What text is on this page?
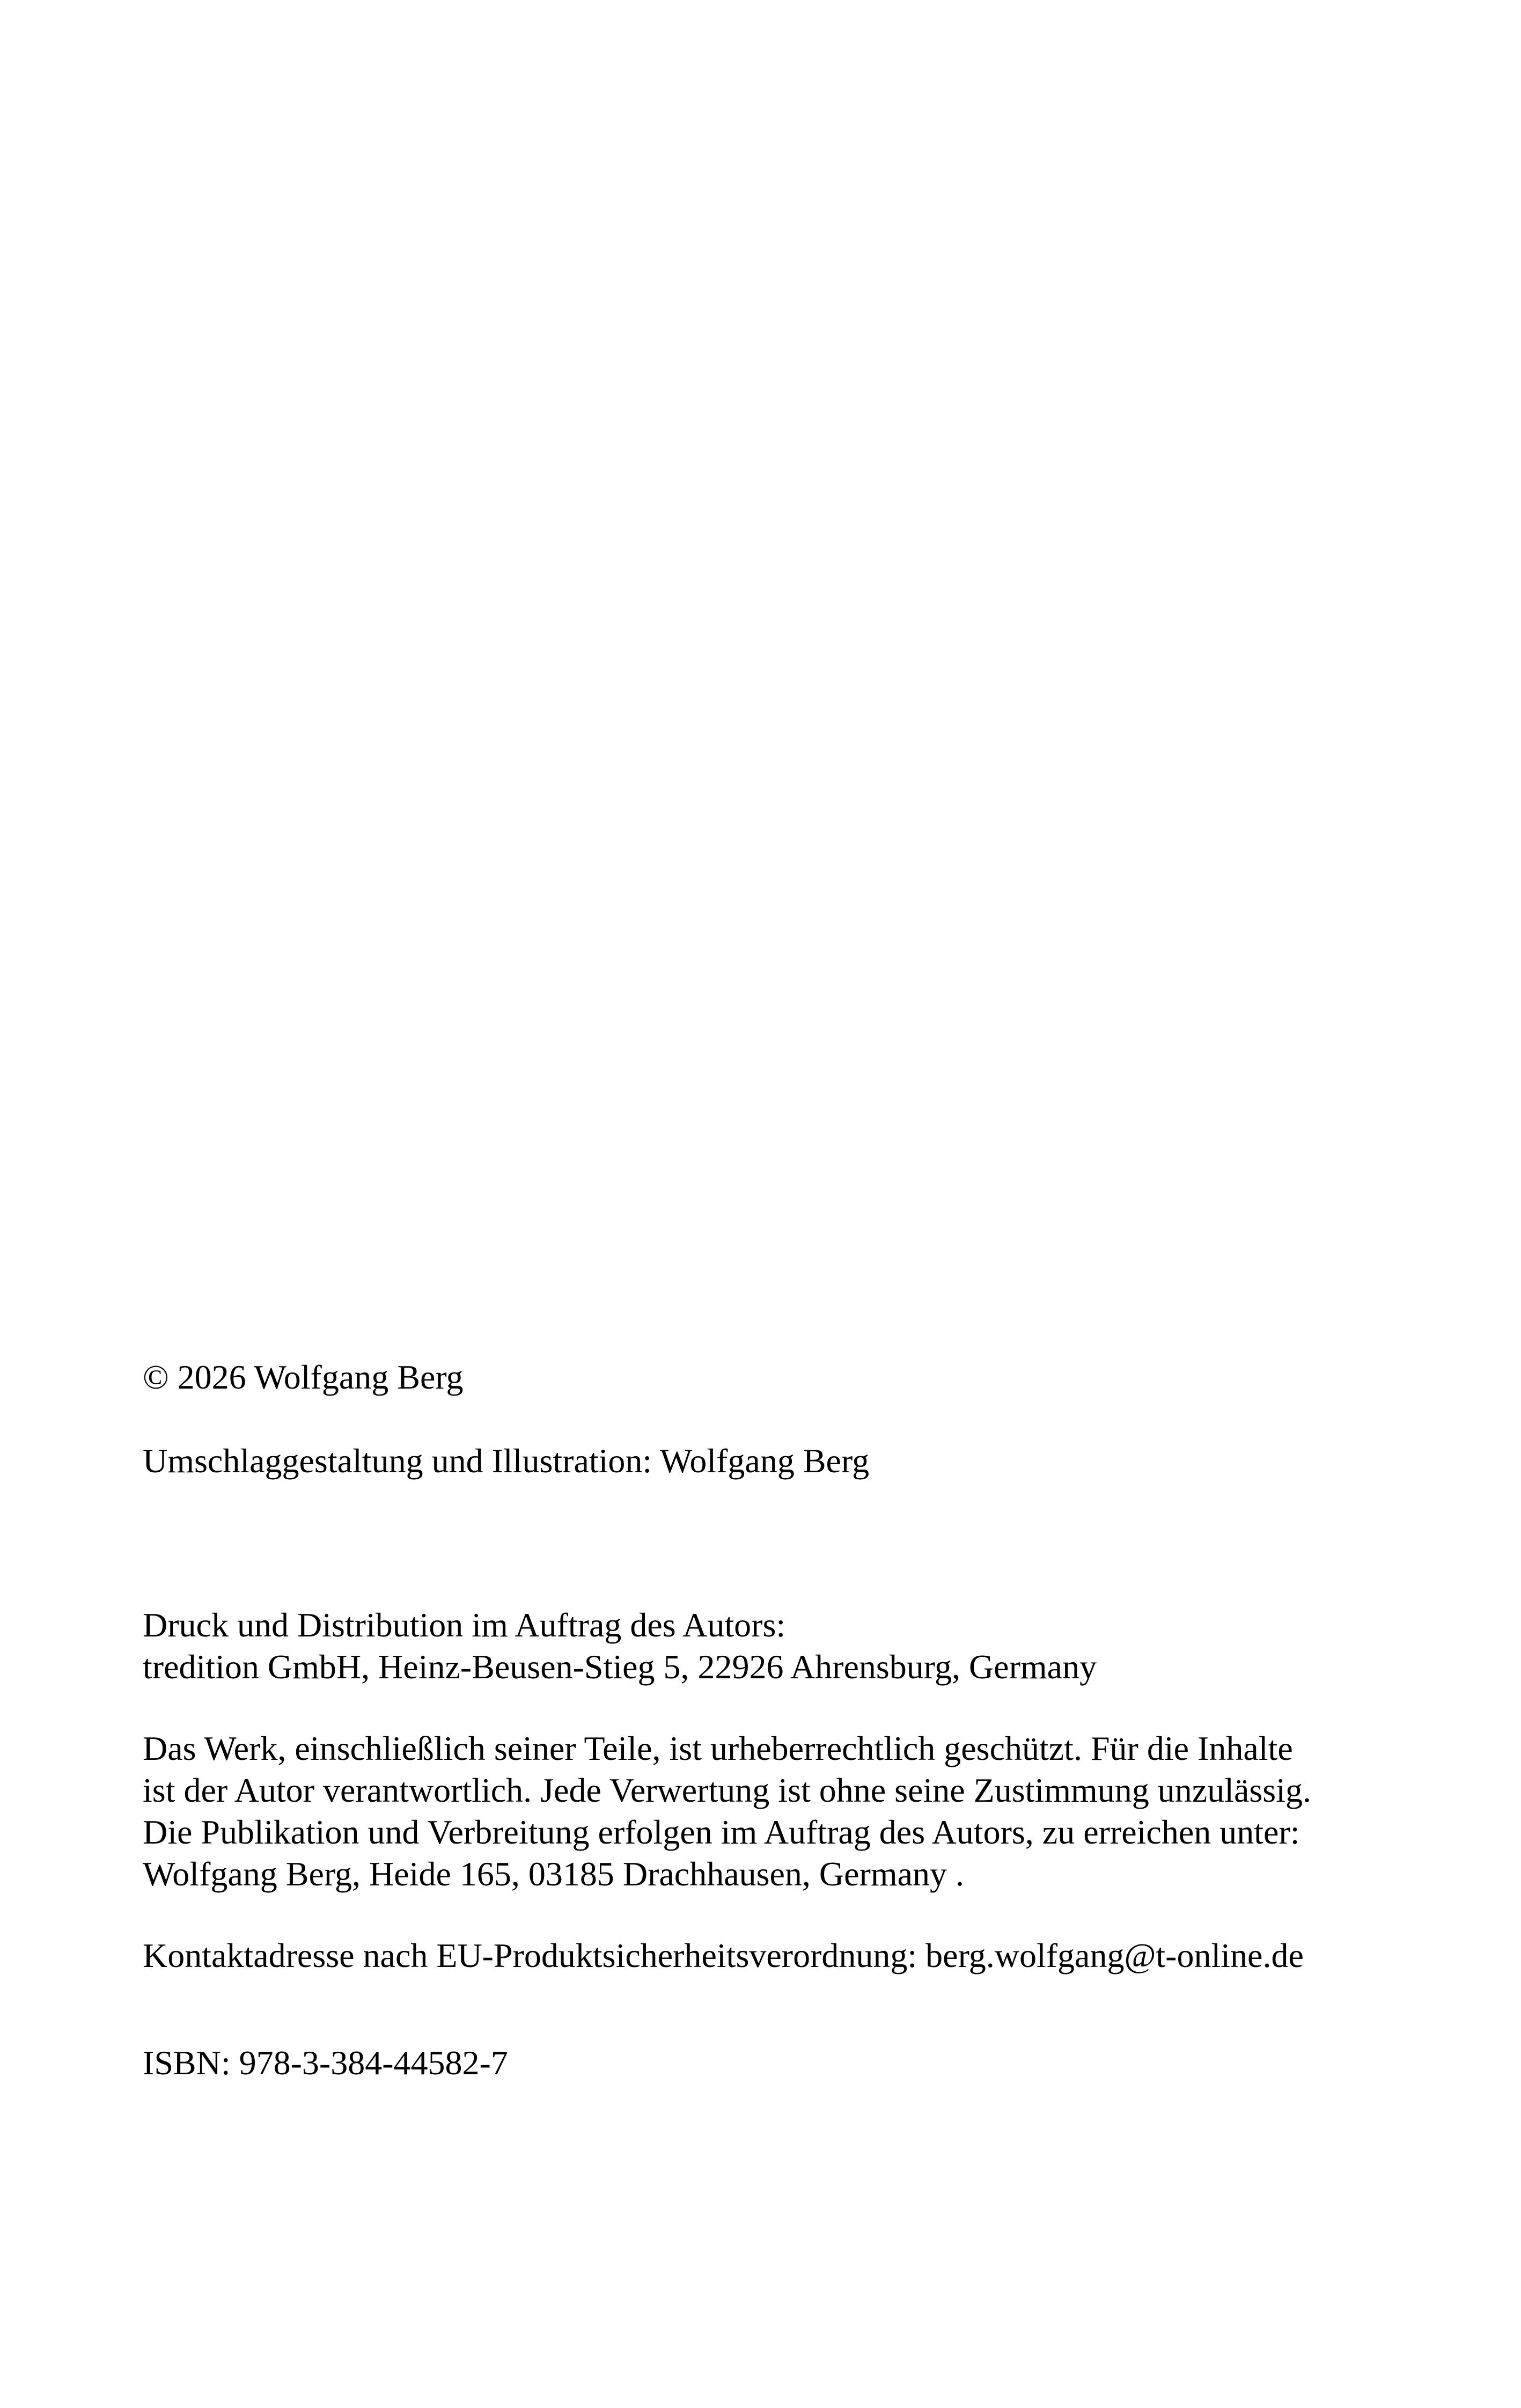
© 2026 Wolfgang Berg

Umschlaggestaltung und Illustration: Wolfgang Berg

Druck und Distribution im Auftrag des Autors:
tredition GmbH, Heinz-Beusen-Stieg 5, 22926 Ahrensburg, Germany

Das Werk, einschließlich seiner Teile, ist urheberrechtlich geschützt. Für die Inhalte
ist der Autor verantwortlich. Jede Verwertung ist ohne seine Zustimmung unzulässig.
Die Publikation und Verbreitung erfolgen im Auftrag des Autors, zu erreichen unter:
Wolfgang Berg, Heide 165, 03185 Drachhausen, Germany .

Kontaktadresse nach EU-Produktsicherheitsverordnung: berg.wolfgang@t-online.de

ISBN: 978-3-384-44582-7
